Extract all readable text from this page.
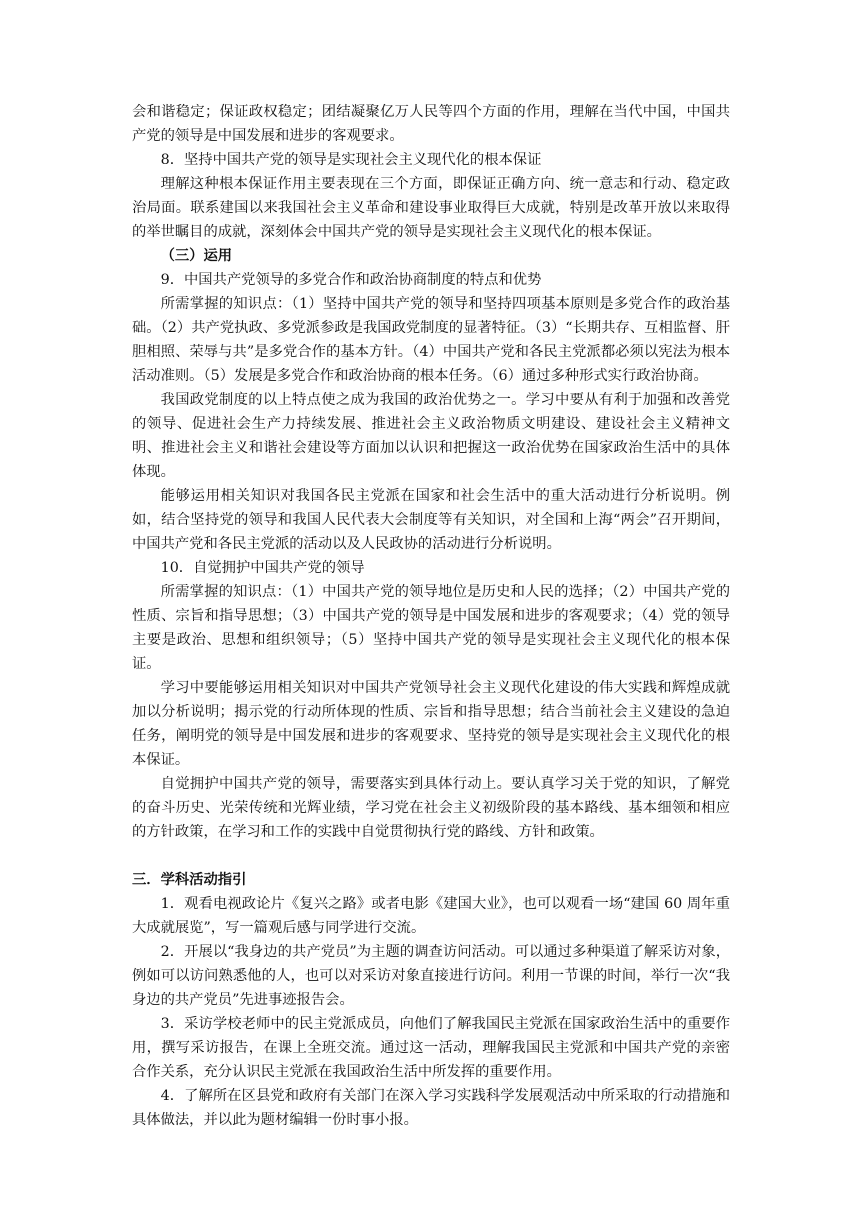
会和谐稳定；保证政权稳定；团结凝聚亿万人民等四个方面的作用，理解在当代中国，中国共产党的领导是中国发展和进步的客观要求。

8．坚持中国共产党的领导是实现社会主义现代化的根本保证

理解这种根本保证作用主要表现在三个方面，即保证正确方向、统一意志和行动、稳定政治局面。联系建国以来我国社会主义革命和建设事业取得巨大成就，特别是改革开放以来取得的举世瞩目的成就，深刻体会中国共产党的领导是实现社会主义现代化的根本保证。

（三）运用

9．中国共产党领导的多党合作和政治协商制度的特点和优势

所需掌握的知识点：（1）坚持中国共产党的领导和坚持四项基本原则是多党合作的政治基础。（2）共产党执政、多党派参政是我国政党制度的显著特征。（3）“长期共存、互相监督、肝胆相照、荣辱与共”是多党合作的基本方针。（4）中国共产党和各民主党派都必须以宪法为根本活动准则。（5）发展是多党合作和政治协商的根本任务。（6）通过多种形式实行政治协商。

我国政党制度的以上特点使之成为我国的政治优势之一。学习中要从有利于加强和改善党的领导、促进社会生产力持续发展、推进社会主义政治物质文明建设、建设社会主义精神文明、推进社会主义和谐社会建设等方面加以认识和把握这一政治优势在国家政治生活中的具体体现。

能够运用相关知识对我国各民主党派在国家和社会生活中的重大活动进行分析说明。例如，结合坚持党的领导和我国人民代表大会制度等有关知识，对全国和上海“两会”召开期间，中国共产党和各民主党派的活动以及人民政协的活动进行分析说明。

10．自觉拥护中国共产党的领导

所需掌握的知识点：（1）中国共产党的领导地位是历史和人民的选择；（2）中国共产党的性质、宗旨和指导思想；（3）中国共产党的领导是中国发展和进步的客观要求；（4）党的领导主要是政治、思想和组织领导；（5）坚持中国共产党的领导是实现社会主义现代化的根本保证。

学习中要能够运用相关知识对中国共产党领导社会主义现代化建设的伟大实践和辉煌成就加以分析说明；揭示党的行动所体现的性质、宗旨和指导思想；结合当前社会主义建设的急迫任务，阐明党的领导是中国发展和进步的客观要求、坚持党的领导是实现社会主义现代化的根本保证。

自觉拥护中国共产党的领导，需要落实到具体行动上。要认真学习关于党的知识，了解党的奋斗历史、光荣传统和光辉业绩，学习党在社会主义初级阶段的基本路线、基本细领和相应的方针政策，在学习和工作的实践中自觉贯彻执行党的路线、方针和政策。

三．学科活动指引

1．观看电视政论片《复兴之路》或者电影《建国大业》，也可以观看一场“建国 60 周年重大成就展览”，写一篇观后感与同学进行交流。

2．开展以“我身边的共产党员”为主题的调查访问活动。可以通过多种渠道了解采访对象，例如可以访问熟悉他的人，也可以对采访对象直接进行访问。利用一节课的时间，举行一次“我身边的共产党员”先进事迹报告会。

3．采访学校老师中的民主党派成员，向他们了解我国民主党派在国家政治生活中的重要作用，撰写采访报告，在课上全班交流。通过这一活动，理解我国民主党派和中国共产党的亲密合作关系，充分认识民主党派在我国政治生活中所发挥的重要作用。

4．了解所在区县党和政府有关部门在深入学习实践科学发展观活动中所采取的行动措施和具体做法，并以此为题材编辑一份时事小报。
